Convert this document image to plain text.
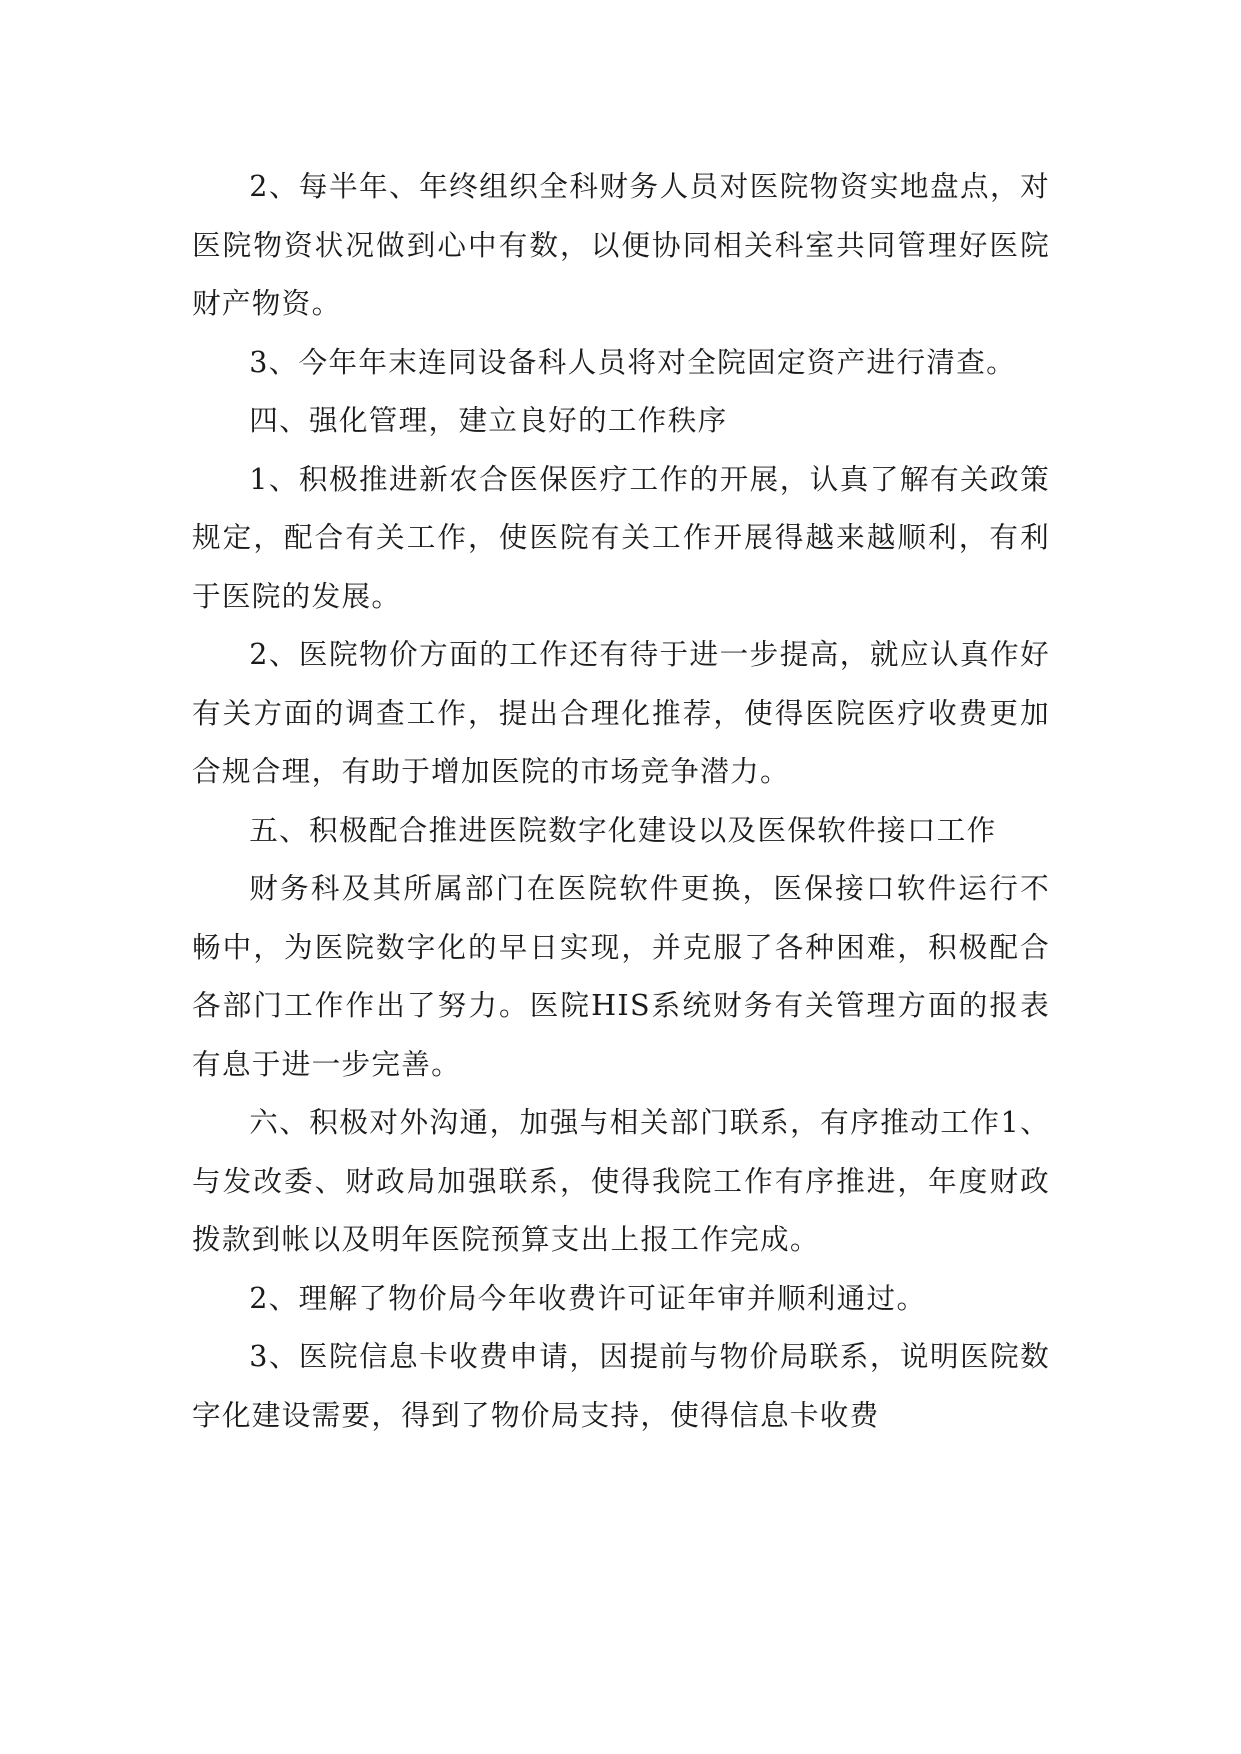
2、每半年、年终组织全科财务人员对医院物资实地盘点，对医院物资状况做到心中有数，以便协同相关科室共同管理好医院财产物资。

3、今年年末连同设备科人员将对全院固定资产进行清查。

四、强化管理，建立良好的工作秩序

1、积极推进新农合医保医疗工作的开展，认真了解有关政策规定，配合有关工作，使医院有关工作开展得越来越顺利，有利于医院的发展。

2、医院物价方面的工作还有待于进一步提高，就应认真作好有关方面的调查工作，提出合理化推荐，使得医院医疗收费更加合规合理，有助于增加医院的市场竞争潜力。

五、积极配合推进医院数字化建设以及医保软件接口工作

财务科及其所属部门在医院软件更换，医保接口软件运行不畅中，为医院数字化的早日实现，并克服了各种困难，积极配合各部门工作作出了努力。医院HIS系统财务有关管理方面的报表有息于进一步完善。

六、积极对外沟通，加强与相关部门联系，有序推动工作1、与发改委、财政局加强联系，使得我院工作有序推进，年度财政拨款到帐以及明年医院预算支出上报工作完成。

2、理解了物价局今年收费许可证年审并顺利通过。

3、医院信息卡收费申请，因提前与物价局联系，说明医院数字化建设需要，得到了物价局支持，使得信息卡收费
